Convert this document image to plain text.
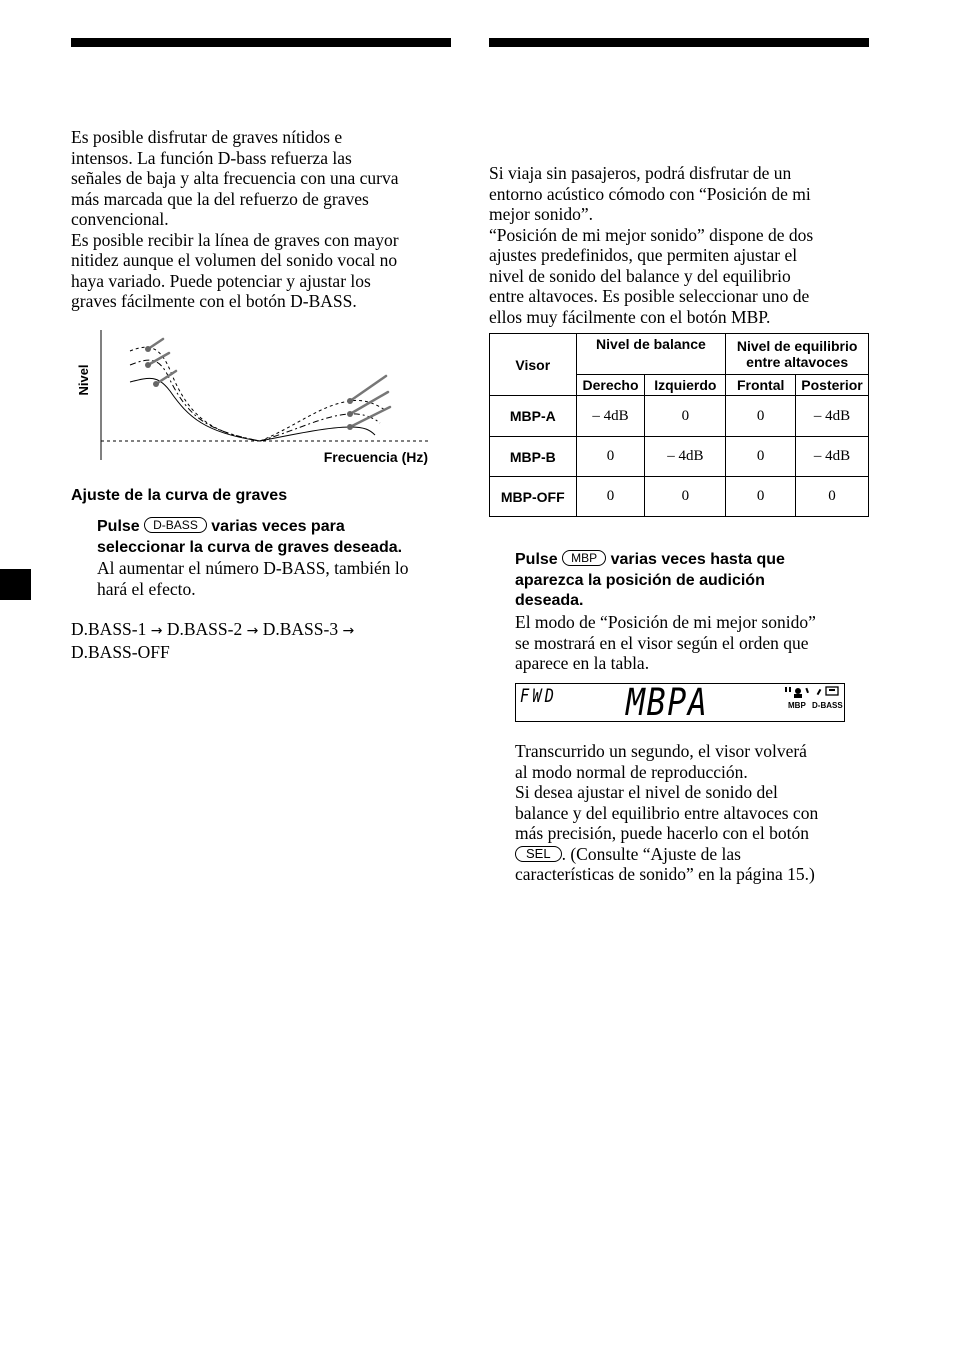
Es posible disfrutar de graves nítidos e

intensos. La función D-bass refuerza las

señales de baja y alta frecuencia con una curva

más marcada que la del refuerzo de graves

convencional.

Es posible recibir la línea de graves con mayor

nitidez aunque el volumen del sonido vocal no

haya variado. Puede potenciar y ajustar los

graves fácilmente con el botón D-BASS.

Nivel
Frecuencia (Hz)
Ajuste de la curva de graves

Pulse D-BASS varias veces para

seleccionar la curva de graves deseada.

Al aumentar el número D-BASS, también lo

hará el efecto.

D.BASS-1 → D.BASS-2 → D.BASS-3 →

D.BASS-OFF

Si viaja sin pasajeros, podrá disfrutar de un

entorno acústico cómodo con “Posición de mi

mejor sonido”.

“Posición de mi mejor sonido” dispone de dos

ajustes predefinidos, que permiten ajustar el

nivel de sonido del balance y del equilibrio

entre altavoces. Es posible seleccionar uno de

ellos muy fácilmente con el botón MBP.

Visor	Nivel de balance		Nivel de equilibrio
entre altavoces	
	Derecho	Izquierdo	Frontal	Posterior
MBP-A	– 4dB	0	0	– 4dB
MBP-B	0	– 4dB	0	– 4dB
MBP-OFF	0	0	0	0

Pulse MBP varias veces hasta que

aparezca la posición de audición

deseada.

El modo de “Posición de mi mejor sonido”

se mostrará en el visor según el orden que

aparece en la tabla.

FWD MBPA	MBP D-BASS

Transcurrido un segundo, el visor volverá

al modo normal de reproducción.

Si desea ajustar el nivel de sonido del

balance y del equilibrio entre altavoces con

más precisión, puede hacerlo con el botón

SEL . (Consulte “Ajuste de las

características de sonido” en la página 15.)
